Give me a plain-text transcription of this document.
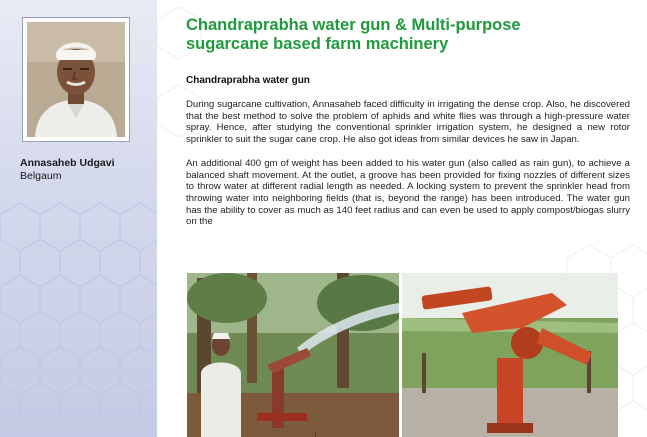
Annasaheb Udgavi
Belgaum
Chandraprabha water gun & Multi-purpose sugarcane based farm machinery
Chandraprabha water gun

During sugarcane cultivation, Annasaheb faced difficulty in irrigating the dense crop. Also, he discovered that the best method to solve the problem of aphids and white flies was through a high-pressure water spray. Hence, after studying the conventional sprinkler irrigation system, he designed a new rotor sprinkler to suit the sugar cane crop. He also got ideas from similar devices he saw in Japan.

An additional 400 gm of weight has been added to his water gun (also called as rain gun), to achieve a balanced shaft movement. At the outlet, a groove has been provided for fixing nozzles of different sizes to throw water at different radial length as needed. A locking system to prevent the sprinkler head from throwing water into neighboring fields (that is, beyond the range) has been introduced. The water gun has the ability to cover as much as 140 feet radius and can even be used to apply compost/biogas slurry on the
